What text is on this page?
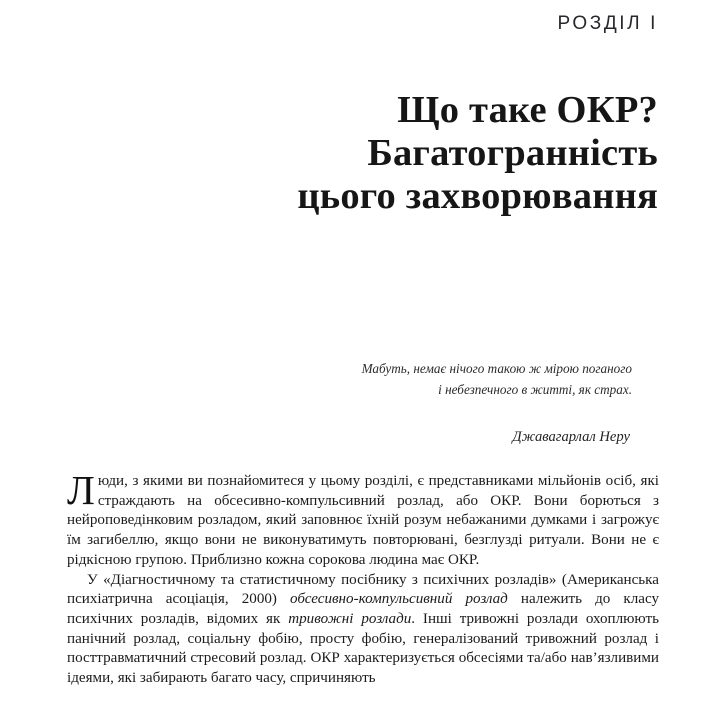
РОЗДІЛ І
Що таке ОКР?
Багатогранність
цього захворювання
Мабуть, немає нічого такою ж мірою поганого
і небезпечного в житті, як страх.
Джавагарлал Неру

Люди, з якими ви познайомитеся у цьому розділі, є представниками мільйонів осіб, які страждають на обсесивно-компульсивний розлад, або ОКР. Вони борються з нейроповедінковим розладом, який заповнює їхній розум небажаними думками і загрожує їм загибеллю, якщо вони не виконуватимуть повторювані, безглузді ритуали. Вони не є рідкісною групою. Приблизно кожна сорокова людина має ОКР.

У «Діагностичному та статистичному посібнику з психічних розладів» (Американська психіатрична асоціація, 2000) обсесивно-компульсивний розлад належить до класу психічних розладів, відомих як тривожні розлади. Інші тривожні розлади охоплюють панічний розлад, соціальну фобію, просту фобію, генералізований тривожний розлад і посттравматичний стресовий розлад. ОКР характеризується обсесіями та/або нав’язливими ідеями, які забирають багато часу, спричиняють
